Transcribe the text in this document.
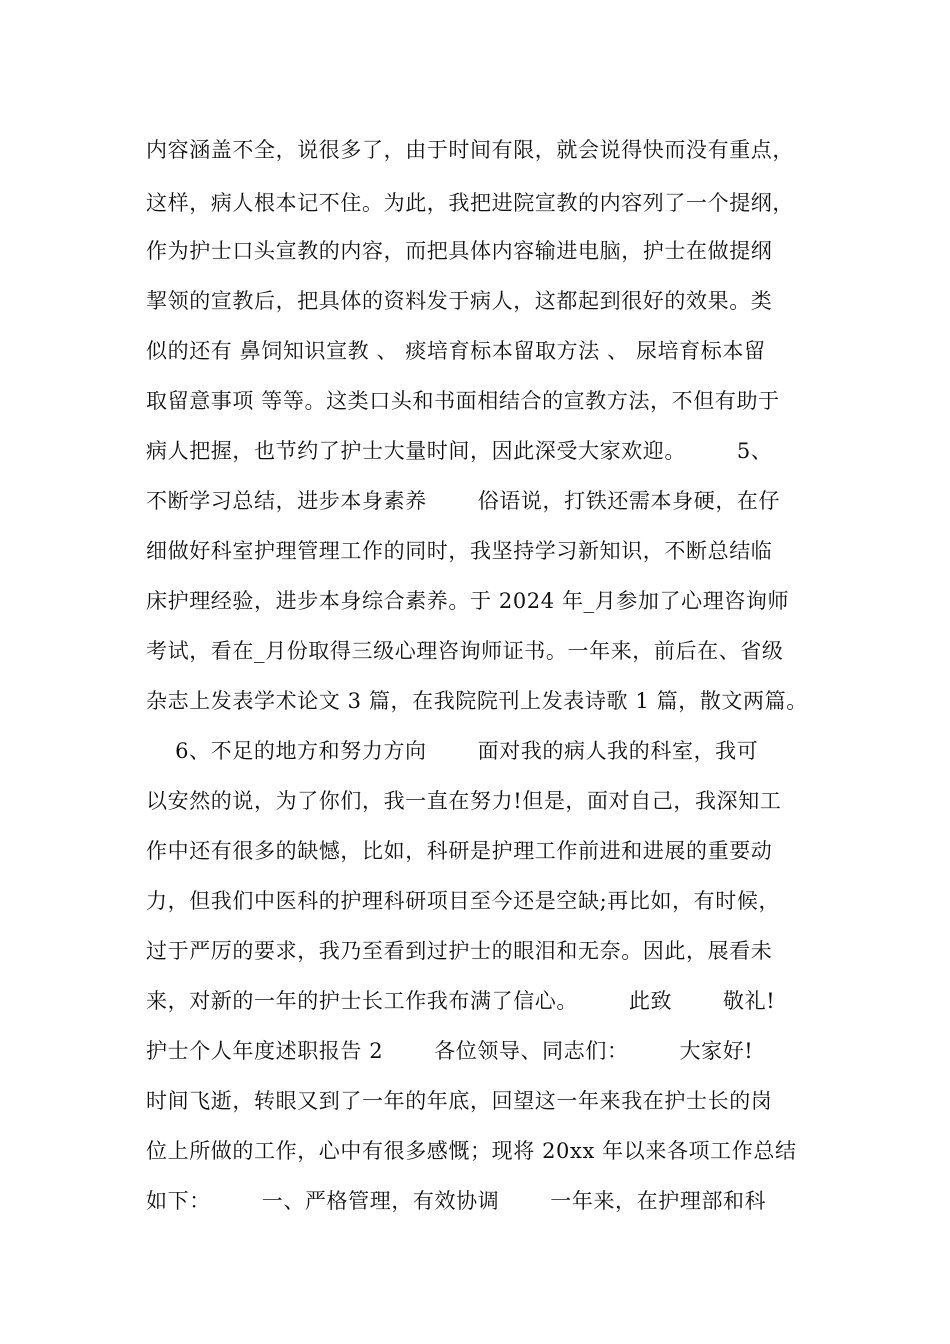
内容涵盖不全，说很多了，由于时间有限，就会说得快而没有重点，
这样，病人根本记不住。为此，我把进院宣教的内容列了一个提纲，
作为护士口头宣教的内容，而把具体内容输进电脑，护士在做提纲
挈领的宣教后，把具体的资料发于病人，这都起到很好的效果。类
似的还有 鼻饲知识宣教 、 痰培育标本留取方法 、 尿培育标本留
取留意事项 等等。这类口头和书面相结合的宣教方法，不但有助于
病人把握，也节约了护士大量时间，因此深受大家欢迎。       5、
不断学习总结，进步本身素养       俗语说，打铁还需本身硬，在仔
细做好科室护理管理工作的同时，我坚持学习新知识，不断总结临
床护理经验，进步本身综合素养。于 2024 年_月参加了心理咨询师
考试，看在_月份取得三级心理咨询师证书。一年来，前后在、省级
杂志上发表学术论文 3 篇，在我院院刊上发表诗歌 1 篇，散文两篇。
6、不足的地方和努力方向       面对我的病人我的科室，我可
以安然的说，为了你们，我一直在努力!但是，面对自己，我深知工
作中还有很多的缺憾，比如，科研是护理工作前进和进展的重要动
力，但我们中医科的护理科研项目至今还是空缺;再比如，有时候，
过于严厉的要求，我乃至看到过护士的眼泪和无奈。因此，展看未
来，对新的一年的护士长工作我布满了信心。       此致       敬礼!
护士个人年度述职报告 2       各位领导、同志们：       大家好!
时间飞逝，转眼又到了一年的年底，回望这一年来我在护士长的岗
位上所做的工作，心中有很多感慨；现将 20xx 年以来各项工作总结
如下：       一、严格管理，有效协调       一年来，在护理部和科
